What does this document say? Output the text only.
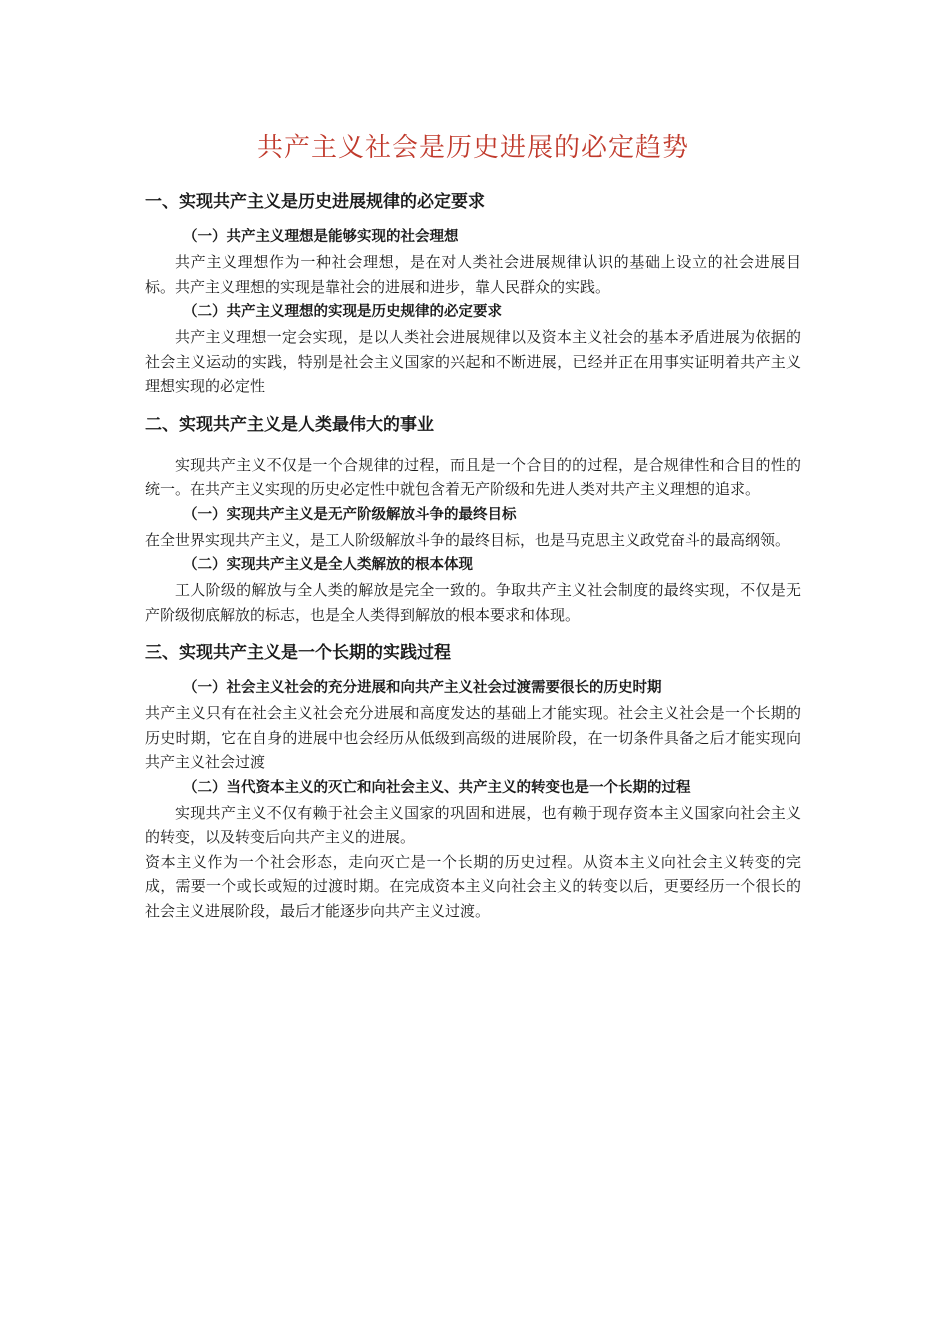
共产主义社会是历史进展的必定趋势
一、实现共产主义是历史进展规律的必定要求
（一）共产主义理想是能够实现的社会理想

共产主义理想作为一种社会理想，是在对人类社会进展规律认识的基础上设立的社会进展目标。共产主义理想的实现是靠社会的进展和进步，靠人民群众的实践。

（二）共产主义理想的实现是历史规律的必定要求

共产主义理想一定会实现，是以人类社会进展规律以及资本主义社会的基本矛盾进展为依据的社会主义运动的实践，特别是社会主义国家的兴起和不断进展，已经并正在用事实证明着共产主义理想实现的必定性

二、实现共产主义是人类最伟大的事业

实现共产主义不仅是一个合规律的过程，而且是一个合目的的过程，是合规律性和合目的性的统一。在共产主义实现的历史必定性中就包含着无产阶级和先进人类对共产主义理想的追求。

（一）实现共产主义是无产阶级解放斗争的最终目标

在全世界实现共产主义，是工人阶级解放斗争的最终目标，也是马克思主义政党奋斗的最高纲领。

（二）实现共产主义是全人类解放的根本体现

工人阶级的解放与全人类的解放是完全一致的。争取共产主义社会制度的最终实现，不仅是无产阶级彻底解放的标志，也是全人类得到解放的根本要求和体现。

三、实现共产主义是一个长期的实践过程
（一）社会主义社会的充分进展和向共产主义社会过渡需要很长的历史时期

共产主义只有在社会主义社会充分进展和高度发达的基础上才能实现。社会主义社会是一个长期的历史时期，它在自身的进展中也会经历从低级到高级的进展阶段，在一切条件具备之后才能实现向共产主义社会过渡

（二）当代资本主义的灭亡和向社会主义、共产主义的转变也是一个长期的过程

实现共产主义不仅有赖于社会主义国家的巩固和进展，也有赖于现存资本主义国家向社会主义的转变，以及转变后向共产主义的进展。

资本主义作为一个社会形态，走向灭亡是一个长期的历史过程。从资本主义向社会主义转变的完成，需要一个或长或短的过渡时期。在完成资本主义向社会主义的转变以后，更要经历一个很长的社会主义进展阶段，最后才能逐步向共产主义过渡。
